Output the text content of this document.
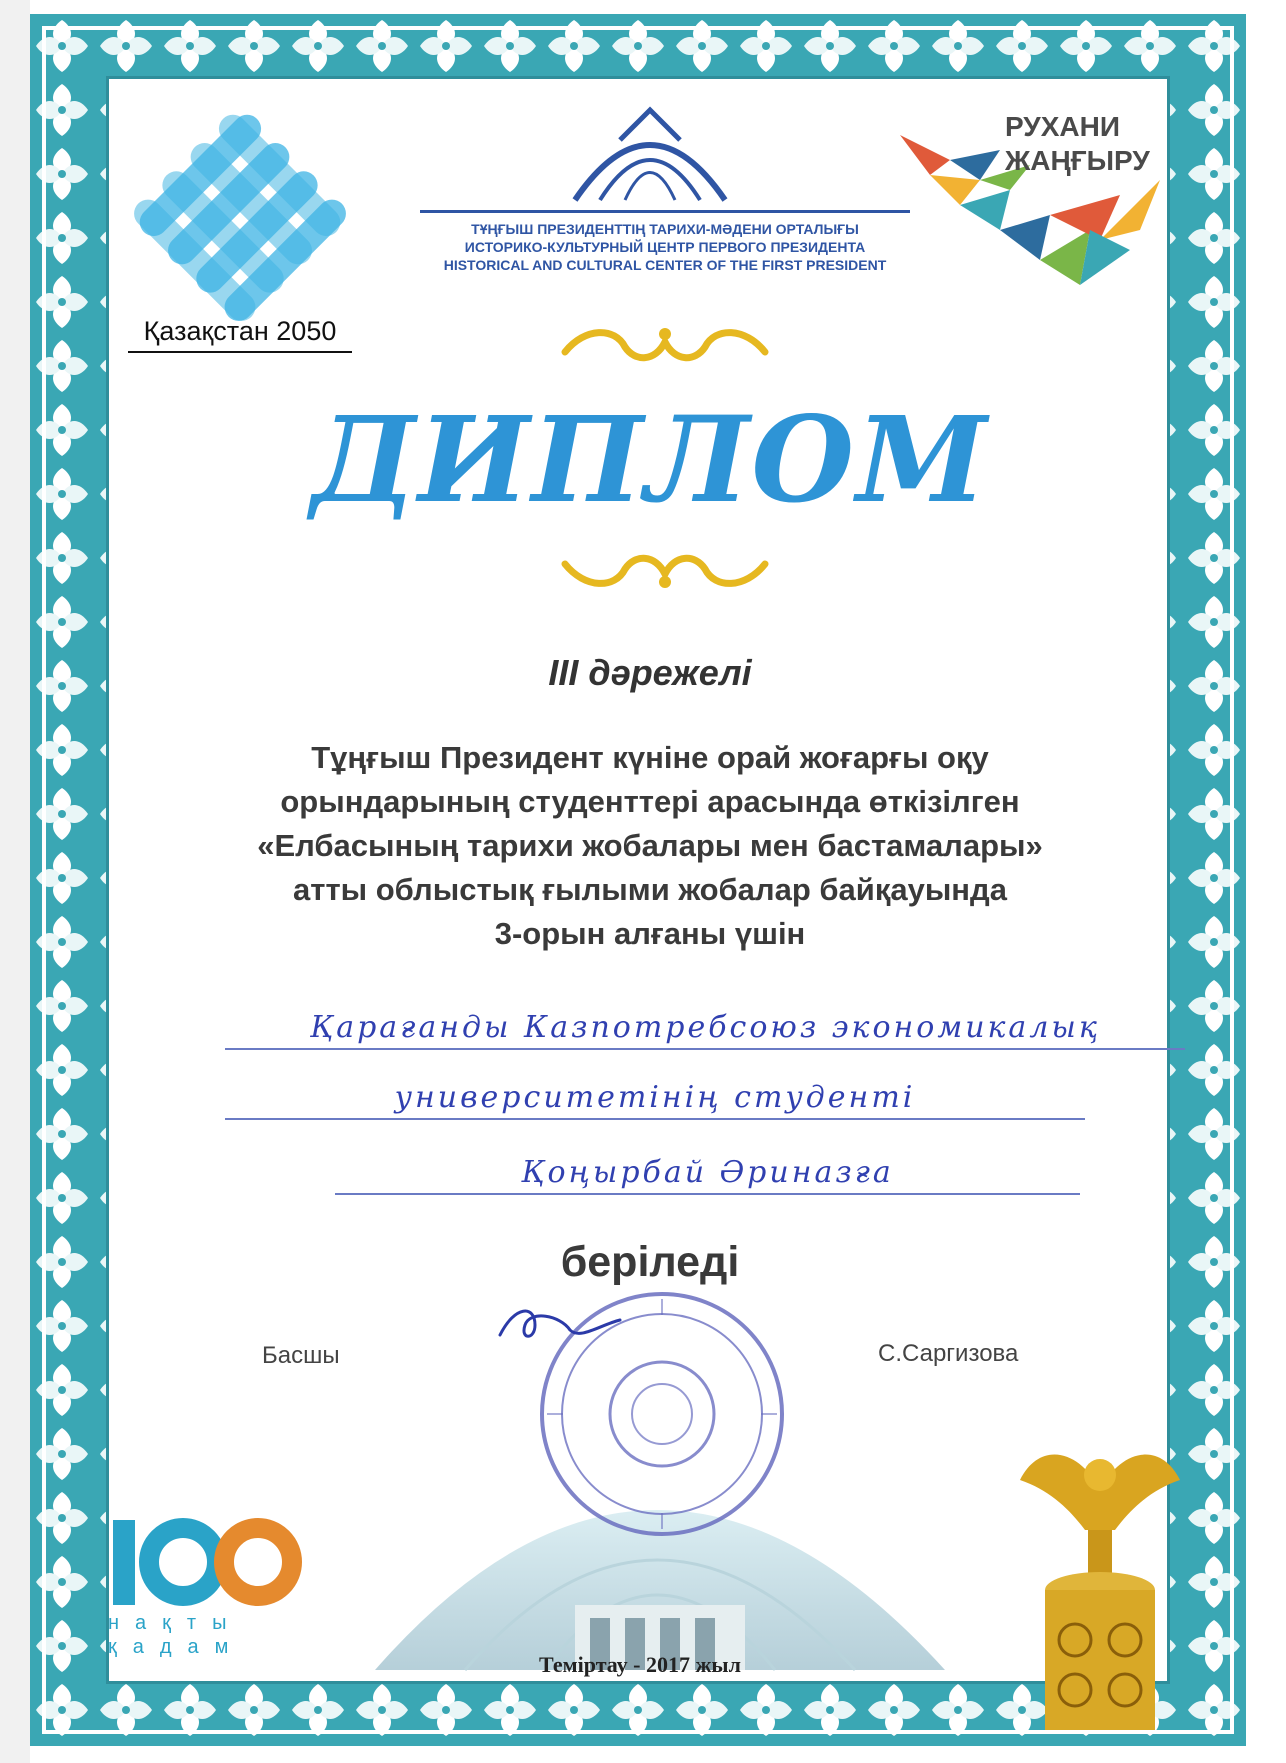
Қазақстан 2050
ТҰҢҒЫШ ПРЕЗИДЕНТТІҢ ТАРИХИ-МӘДЕНИ ОРТАЛЫҒЫ
ИСТОРИКО-КУЛЬТУРНЫЙ ЦЕНТР ПЕРВОГО ПРЕЗИДЕНТА
HISTORICAL AND CULTURAL CENTER OF THE FIRST PRESIDENT
РУХАНИ
ЖАҢҒЫРУ
ДИПЛОМ
III дәрежелі
Тұңғыш Президент күніне орай жоғарғы оқу
орындарының студенттері арасында өткізілген
«Елбасының тарихи жобалары мен бастамалары»
атты облыстық ғылыми жобалар байқауында
3-орын алғаны үшін
Қарағанды Казпотребсоюз экономикалық
университетінің студенті
Қоңырбай Әриназға
беріледі
Басшы	С.Саргизова
нақты
қадам
Теміртау - 2017 жыл
